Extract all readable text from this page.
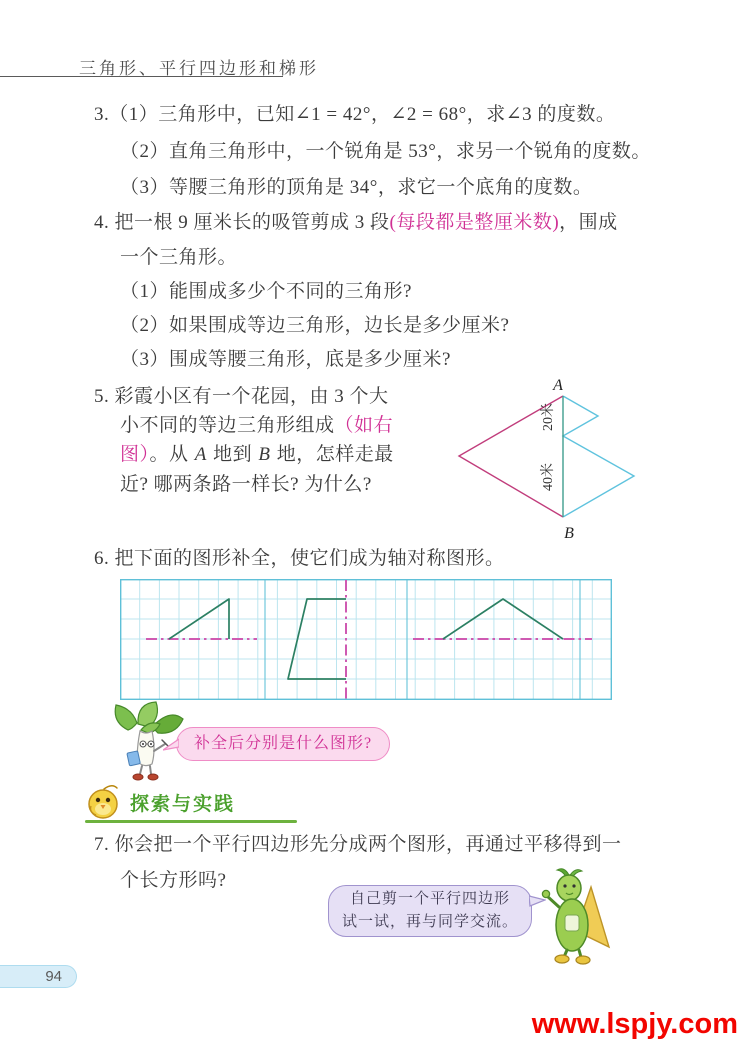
三角形、平行四边形和梯形
3.（1）三角形中，已知∠1 = 42°，∠2 = 68°，求∠3 的度数。
（2）直角三角形中，一个锐角是 53°，求另一个锐角的度数。
（3）等腰三角形的顶角是 34°，求它一个底角的度数。
4. 把一根 9 厘米长的吸管剪成 3 段(每段都是整厘米数)，围成
一个三角形。
（1）能围成多少个不同的三角形?
（2）如果围成等边三角形，边长是多少厘米?
（3）围成等腰三角形，底是多少厘米?
5. 彩霞小区有一个花园，由 3 个大
小不同的等边三角形组成（如右
图）。从 A 地到 B 地，怎样走最
近? 哪两条路一样长? 为什么?
A
B
20米
40米
6. 把下面的图形补全，使它们成为轴对称图形。
补全后分别是什么图形?
探索与实践
7. 你会把一个平行四边形先分成两个图形，再通过平移得到一
个长方形吗?
自己剪一个平行四边形
试一试，再与同学交流。
94
www.lspjy.com
